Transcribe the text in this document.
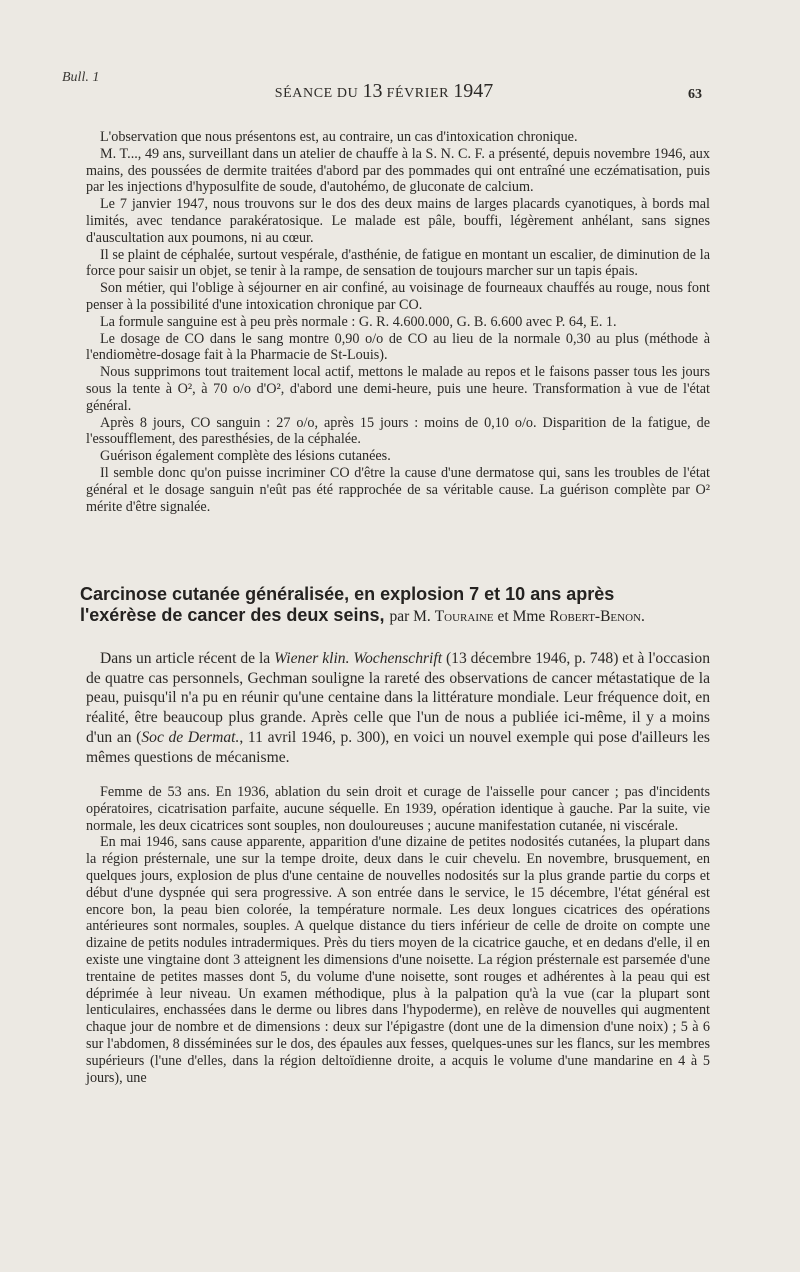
Bull. 1
SÉANCE DU 13 FÉVRIER 1947	63

L'observation que nous présentons est, au contraire, un cas d'intoxication chronique.

M. T..., 49 ans, surveillant dans un atelier de chauffe à la S. N. C. F. a présenté, depuis novembre 1946, aux mains, des poussées de dermite traitées d'abord par des pommades qui ont entraîné une eczématisation, puis par les injections d'hyposulfite de soude, d'autohémo, de gluconate de calcium.

Le 7 janvier 1947, nous trouvons sur le dos des deux mains de larges placards cyanotiques, à bords mal limités, avec tendance parakératosique. Le malade est pâle, bouffi, légèrement anhélant, sans signes d'auscultation aux poumons, ni au cœur.

Il se plaint de céphalée, surtout vespérale, d'asthénie, de fatigue en montant un escalier, de diminution de la force pour saisir un objet, se tenir à la rampe, de sensation de toujours marcher sur un tapis épais.

Son métier, qui l'oblige à séjourner en air confiné, au voisinage de fourneaux chauffés au rouge, nous font penser à la possibilité d'une intoxication chronique par CO.

La formule sanguine est à peu près normale : G. R. 4.600.000, G. B. 6.600 avec P. 64, E. 1.

Le dosage de CO dans le sang montre 0,90 o/o de CO au lieu de la normale 0,30 au plus (méthode à l'endiomètre-dosage fait à la Pharmacie de St-Louis).

Nous supprimons tout traitement local actif, mettons le malade au repos et le faisons passer tous les jours sous la tente à O², à 70 o/o d'O², d'abord une demi-heure, puis une heure. Transformation à vue de l'état général.

Après 8 jours, CO sanguin : 27 o/o, après 15 jours : moins de 0,10 o/o. Disparition de la fatigue, de l'essoufflement, des paresthésies, de la céphalée.

Guérison également complète des lésions cutanées.

Il semble donc qu'on puisse incriminer CO d'être la cause d'une dermatose qui, sans les troubles de l'état général et le dosage sanguin n'eût pas été rapprochée de sa véritable cause. La guérison complète par O² mérite d'être signalée.

Carcinose cutanée généralisée, en explosion 7 et 10 ans après
l'exérèse de cancer des deux seins, par M. Touraine et Mme Robert-Benon.

Dans un article récent de la Wiener klin. Wochenschrift (13 décembre 1946, p. 748) et à l'occasion de quatre cas personnels, Gechman souligne la rareté des observations de cancer métastatique de la peau, puisqu'il n'a pu en réunir qu'une centaine dans la littérature mondiale. Leur fréquence doit, en réalité, être beaucoup plus grande. Après celle que l'un de nous a publiée ici-même, il y a moins d'un an (Soc de Dermat., 11 avril 1946, p. 300), en voici un nouvel exemple qui pose d'ailleurs les mêmes questions de mécanisme.

Femme de 53 ans. En 1936, ablation du sein droit et curage de l'aisselle pour cancer ; pas d'incidents opératoires, cicatrisation parfaite, aucune séquelle. En 1939, opération identique à gauche. Par la suite, vie normale, les deux cicatrices sont souples, non douloureuses ; aucune manifestation cutanée, ni viscérale.

En mai 1946, sans cause apparente, apparition d'une dizaine de petites nodosités cutanées, la plupart dans la région présternale, une sur la tempe droite, deux dans le cuir chevelu. En novembre, brusquement, en quelques jours, explosion de plus d'une centaine de nouvelles nodosités sur la plus grande partie du corps et début d'une dyspnée qui sera progressive. A son entrée dans le service, le 15 décembre, l'état général est encore bon, la peau bien colorée, la température normale. Les deux longues cicatrices des opérations antérieures sont normales, souples. A quelque distance du tiers inférieur de celle de droite on compte une dizaine de petits nodules intradermiques. Près du tiers moyen de la cicatrice gauche, et en dedans d'elle, il en existe une vingtaine dont 3 atteignent les dimensions d'une noisette. La région présternale est parsemée d'une trentaine de petites masses dont 5, du volume d'une noisette, sont rouges et adhérentes à la peau qui est déprimée à leur niveau. Un examen méthodique, plus à la palpation qu'à la vue (car la plupart sont lenticulaires, enchassées dans le derme ou libres dans l'hypoderme), en relève de nouvelles qui augmentent chaque jour de nombre et de dimensions : deux sur l'épigastre (dont une de la dimension d'une noix) ; 5 à 6 sur l'abdomen, 8 disséminées sur le dos, des épaules aux fesses, quelques-unes sur les flancs, sur les membres supérieurs (l'une d'elles, dans la région deltoïdienne droite, a acquis le volume d'une mandarine en 4 à 5 jours), une
